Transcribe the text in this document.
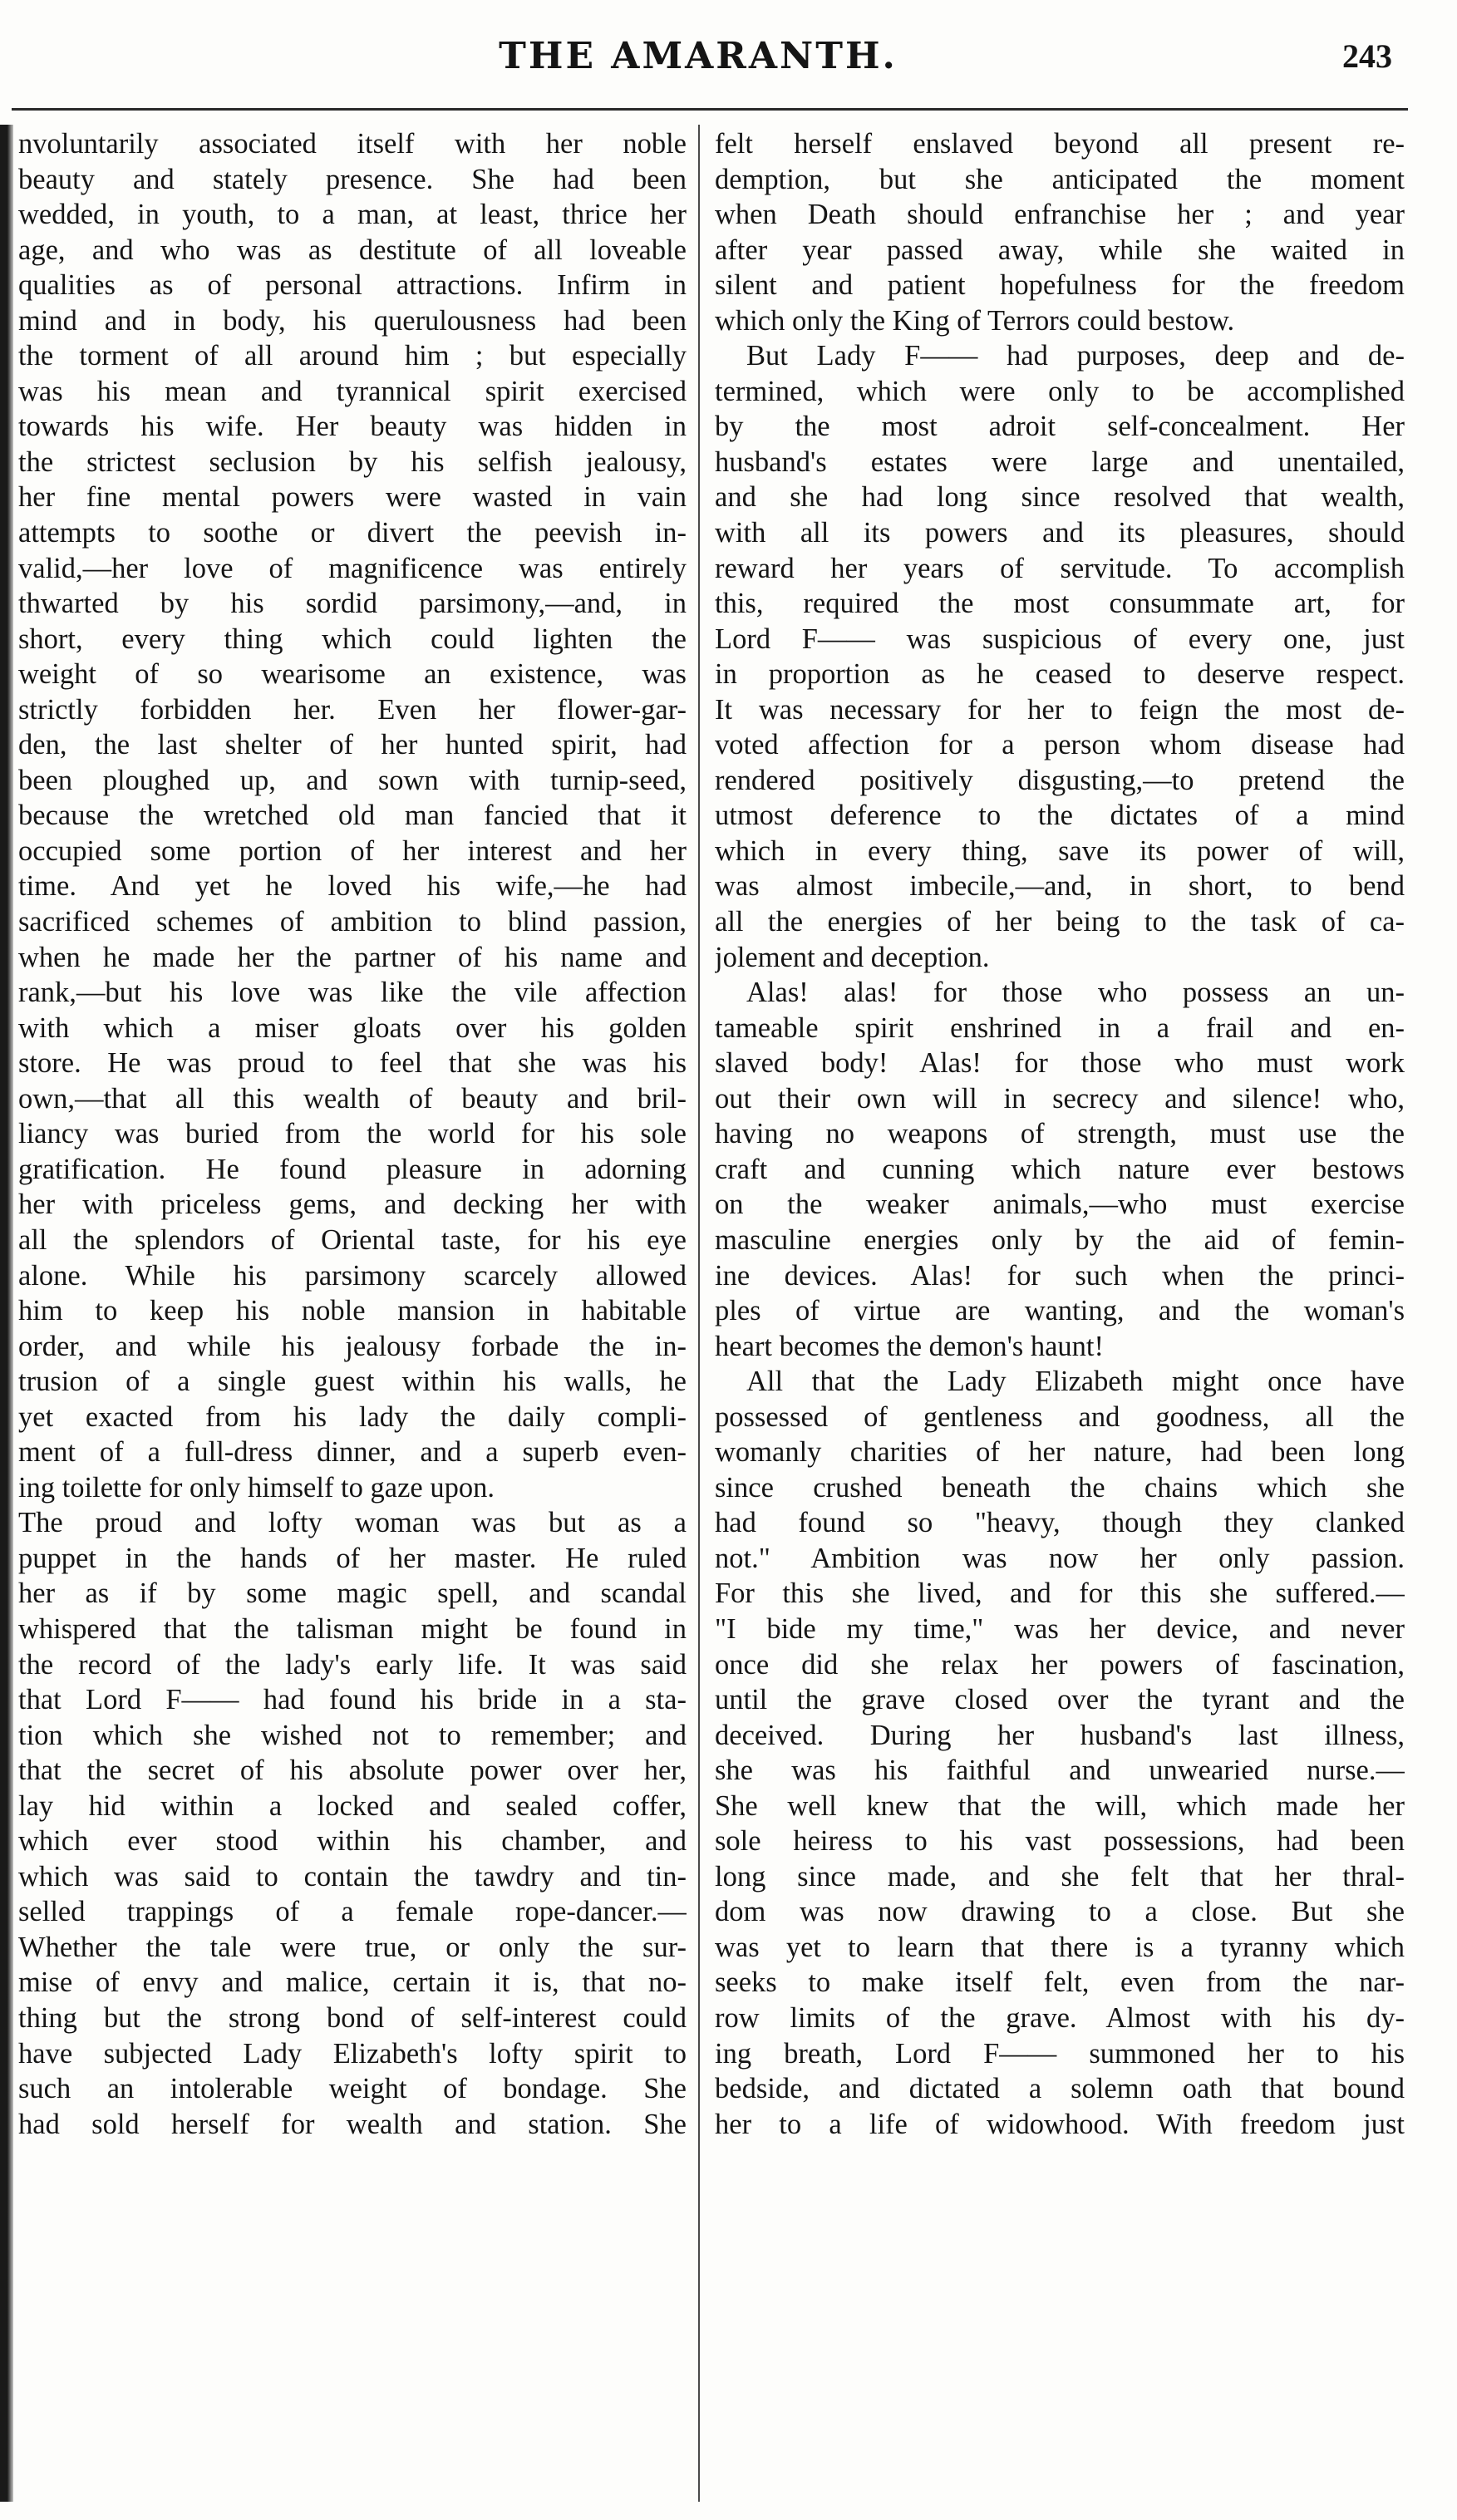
THE AMARANTH.	243
nvoluntarily associated itself with her noble
beauty and stately presence. She had been
wedded, in youth, to a man, at least, thrice her
age, and who was as destitute of all loveable
qualities as of personal attractions. Infirm in
mind and in body, his querulousness had been
the torment of all around him ; but especially
was his mean and tyrannical spirit exercised
towards his wife. Her beauty was hidden in
the strictest seclusion by his selfish jealousy,
her fine mental powers were wasted in vain
attempts to soothe or divert the peevish in-
valid,—her love of magnificence was entirely
thwarted by his sordid parsimony,—and, in
short, every thing which could lighten the
weight of so wearisome an existence, was
strictly forbidden her. Even her flower-gar-
den, the last shelter of her hunted spirit, had
been ploughed up, and sown with turnip-seed,
because the wretched old man fancied that it
occupied some portion of her interest and her
time. And yet he loved his wife,—he had
sacrificed schemes of ambition to blind passion,
when he made her the partner of his name and
rank,—but his love was like the vile affection
with which a miser gloats over his golden
store. He was proud to feel that she was his
own,—that all this wealth of beauty and bril-
liancy was buried from the world for his sole
gratification. He found pleasure in adorning
her with priceless gems, and decking her with
all the splendors of Oriental taste, for his eye
alone. While his parsimony scarcely allowed
him to keep his noble mansion in habitable
order, and while his jealousy forbade the in-
trusion of a single guest within his walls, he
yet exacted from his lady the daily compli-
ment of a full-dress dinner, and a superb even-
ing toilette for only himself to gaze upon.
The proud and lofty woman was but as a
puppet in the hands of her master. He ruled
her as if by some magic spell, and scandal
whispered that the talisman might be found in
the record of the lady's early life. It was said
that Lord F—— had found his bride in a sta-
tion which she wished not to remember; and
that the secret of his absolute power over her,
lay hid within a locked and sealed coffer,
which ever stood within his chamber, and
which was said to contain the tawdry and tin-
selled trappings of a female rope-dancer.—
Whether the tale were true, or only the sur-
mise of envy and malice, certain it is, that no-
thing but the strong bond of self-interest could
have subjected Lady Elizabeth's lofty spirit to
such an intolerable weight of bondage. She
had sold herself for wealth and station. She
felt herself enslaved beyond all present re-
demption, but she anticipated the moment
when Death should enfranchise her ; and year
after year passed away, while she waited in
silent and patient hopefulness for the freedom
which only the King of Terrors could bestow.
But Lady F—— had purposes, deep and de-
termined, which were only to be accomplished
by the most adroit self-concealment. Her
husband's estates were large and unentailed,
and she had long since resolved that wealth,
with all its powers and its pleasures, should
reward her years of servitude. To accomplish
this, required the most consummate art, for
Lord F—— was suspicious of every one, just
in proportion as he ceased to deserve respect.
It was necessary for her to feign the most de-
voted affection for a person whom disease had
rendered positively disgusting,—to pretend the
utmost deference to the dictates of a mind
which in every thing, save its power of will,
was almost imbecile,—and, in short, to bend
all the energies of her being to the task of ca-
jolement and deception.
Alas! alas! for those who possess an un-
tameable spirit enshrined in a frail and en-
slaved body! Alas! for those who must work
out their own will in secrecy and silence! who,
having no weapons of strength, must use the
craft and cunning which nature ever bestows
on the weaker animals,—who must exercise
masculine energies only by the aid of femin-
ine devices. Alas! for such when the princi-
ples of virtue are wanting, and the woman's
heart becomes the demon's haunt!
All that the Lady Elizabeth might once have
possessed of gentleness and goodness, all the
womanly charities of her nature, had been long
since crushed beneath the chains which she
had found so "heavy, though they clanked
not." Ambition was now her only passion.
For this she lived, and for this she suffered.—
"I bide my time," was her device, and never
once did she relax her powers of fascination,
until the grave closed over the tyrant and the
deceived. During her husband's last illness,
she was his faithful and unwearied nurse.—
She well knew that the will, which made her
sole heiress to his vast possessions, had been
long since made, and she felt that her thral-
dom was now drawing to a close. But she
was yet to learn that there is a tyranny which
seeks to make itself felt, even from the nar-
row limits of the grave. Almost with his dy-
ing breath, Lord F—— summoned her to his
bedside, and dictated a solemn oath that bound
her to a life of widowhood. With freedom just
